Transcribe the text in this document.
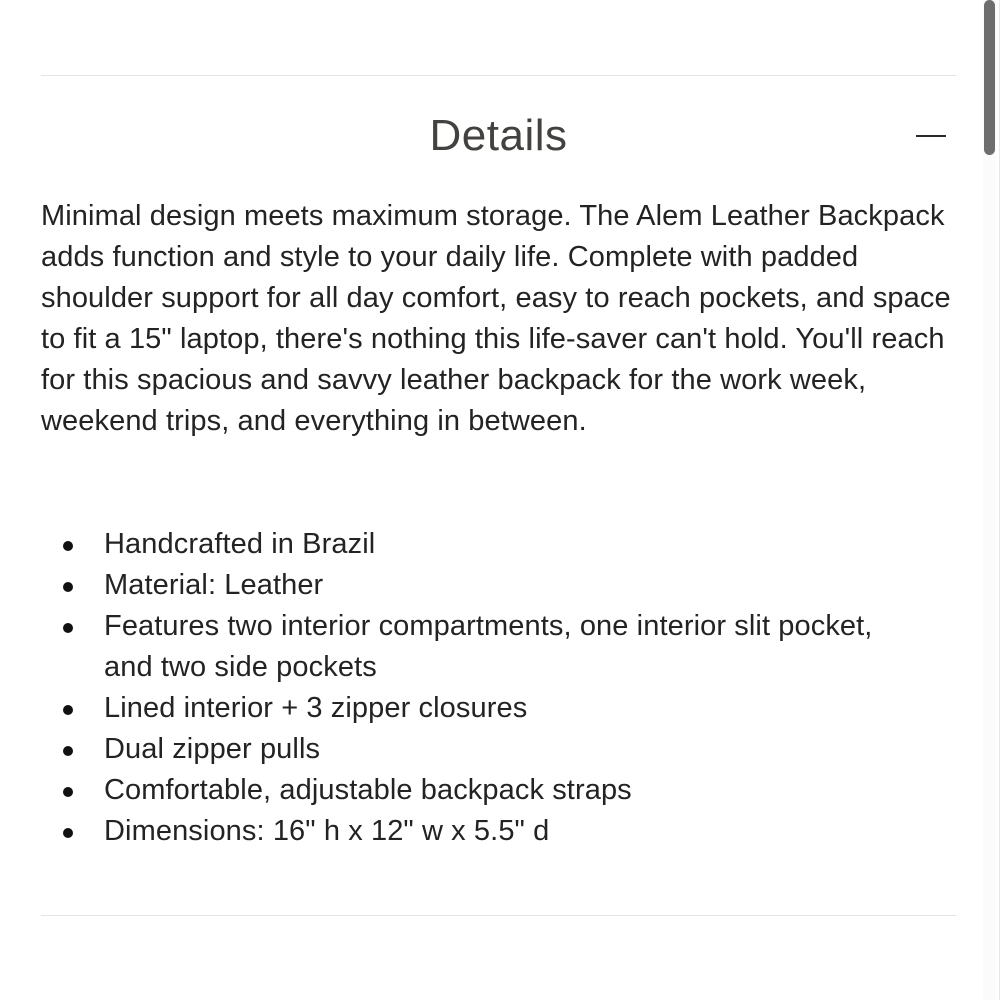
Details

Minimal design meets maximum storage. The Alem Leather Backpack adds function and style to your daily life. Complete with padded shoulder support for all day comfort, easy to reach pockets, and space to fit a 15" laptop, there's nothing this life-saver can't hold. You'll reach for this spacious and savvy leather backpack for the work week, weekend trips, and everything in between.

Handcrafted in Brazil
Material: Leather
Features two interior compartments, one interior slit pocket, and two side pockets
Lined interior + 3 zipper closures
Dual zipper pulls
Comfortable, adjustable backpack straps
Dimensions: 16" h x 12" w x 5.5" d
